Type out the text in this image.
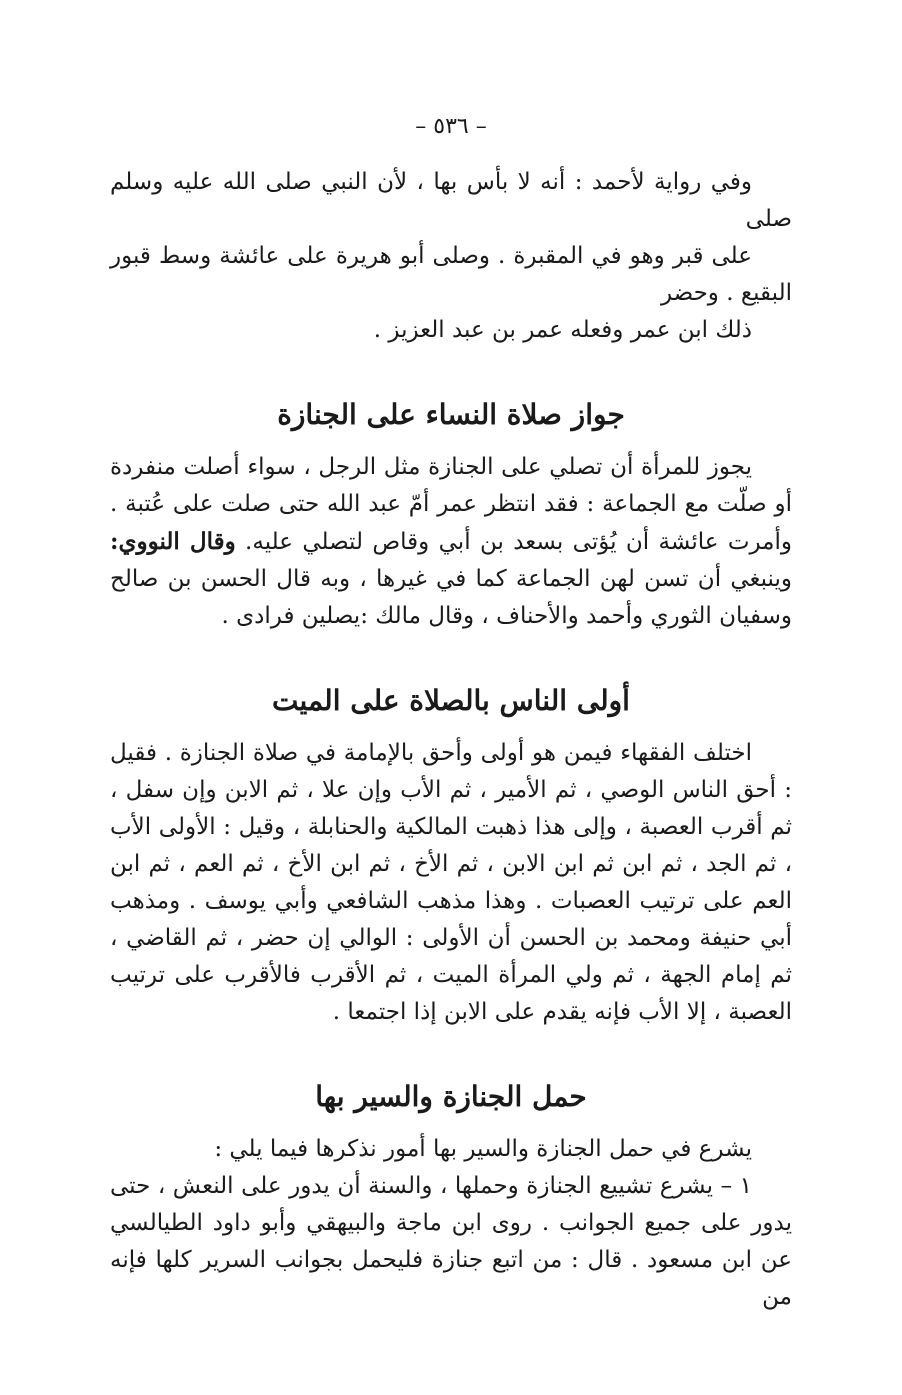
– ٥٣٦ –

وفي رواية لأحمد : أنه لا بأس بها ، لأن النبي صلى الله عليه وسلم صلى
على قبر وهو في المقبرة . وصلى أبو هريرة على عائشة وسط قبور البقيع . وحضر
ذلك ابن عمر وفعله عمر بن عبد العزيز .

جواز صلاة النساء على الجنازة

يجوز للمرأة أن تصلي على الجنازة مثل الرجل ، سواء أصلت منفردة أو صلّت مع الجماعة : فقد انتظر عمر أمّ عبد الله حتى صلت على عُتبة . وأمرت عائشة أن يُؤتى بسعد بن أبي وقاص لتصلي عليه. وقال النووي: وينبغي أن تسن لهن الجماعة كما في غيرها ، وبه قال الحسن بن صالح وسفيان الثوري وأحمد والأحناف ، وقال مالك :يصلين فرادى .

أولى الناس بالصلاة على الميت

اختلف الفقهاء فيمن هو أولى وأحق بالإمامة في صلاة الجنازة . فقيل : أحق الناس الوصي ، ثم الأمير ، ثم الأب وإن علا ، ثم الابن وإن سفل ، ثم أقرب العصبة ، وإلى هذا ذهبت المالكية والحنابلة ، وقيل : الأولى الأب ، ثم الجد ، ثم ابن ثم ابن الابن ، ثم الأخ ، ثم ابن الأخ ، ثم العم ، ثم ابن العم على ترتيب العصبات . وهذا مذهب الشافعي وأبي يوسف . ومذهب أبي حنيفة ومحمد بن الحسن أن الأولى : الوالي إن حضر ، ثم القاضي ، ثم إمام الجهة ، ثم ولي المرأة الميت ، ثم الأقرب فالأقرب على ترتيب العصبة ، إلا الأب فإنه يقدم على الابن إذا اجتمعا .

حمل الجنازة والسير بها

يشرع في حمل الجنازة والسير بها أمور نذكرها فيما يلي :

١ – يشرع تشييع الجنازة وحملها ، والسنة أن يدور على النعش ، حتى يدور على جميع الجوانب . روى ابن ماجة والبيهقي وأبو داود الطيالسي عن ابن مسعود . قال : من اتبع جنازة فليحمل بجوانب السرير كلها فإنه من
